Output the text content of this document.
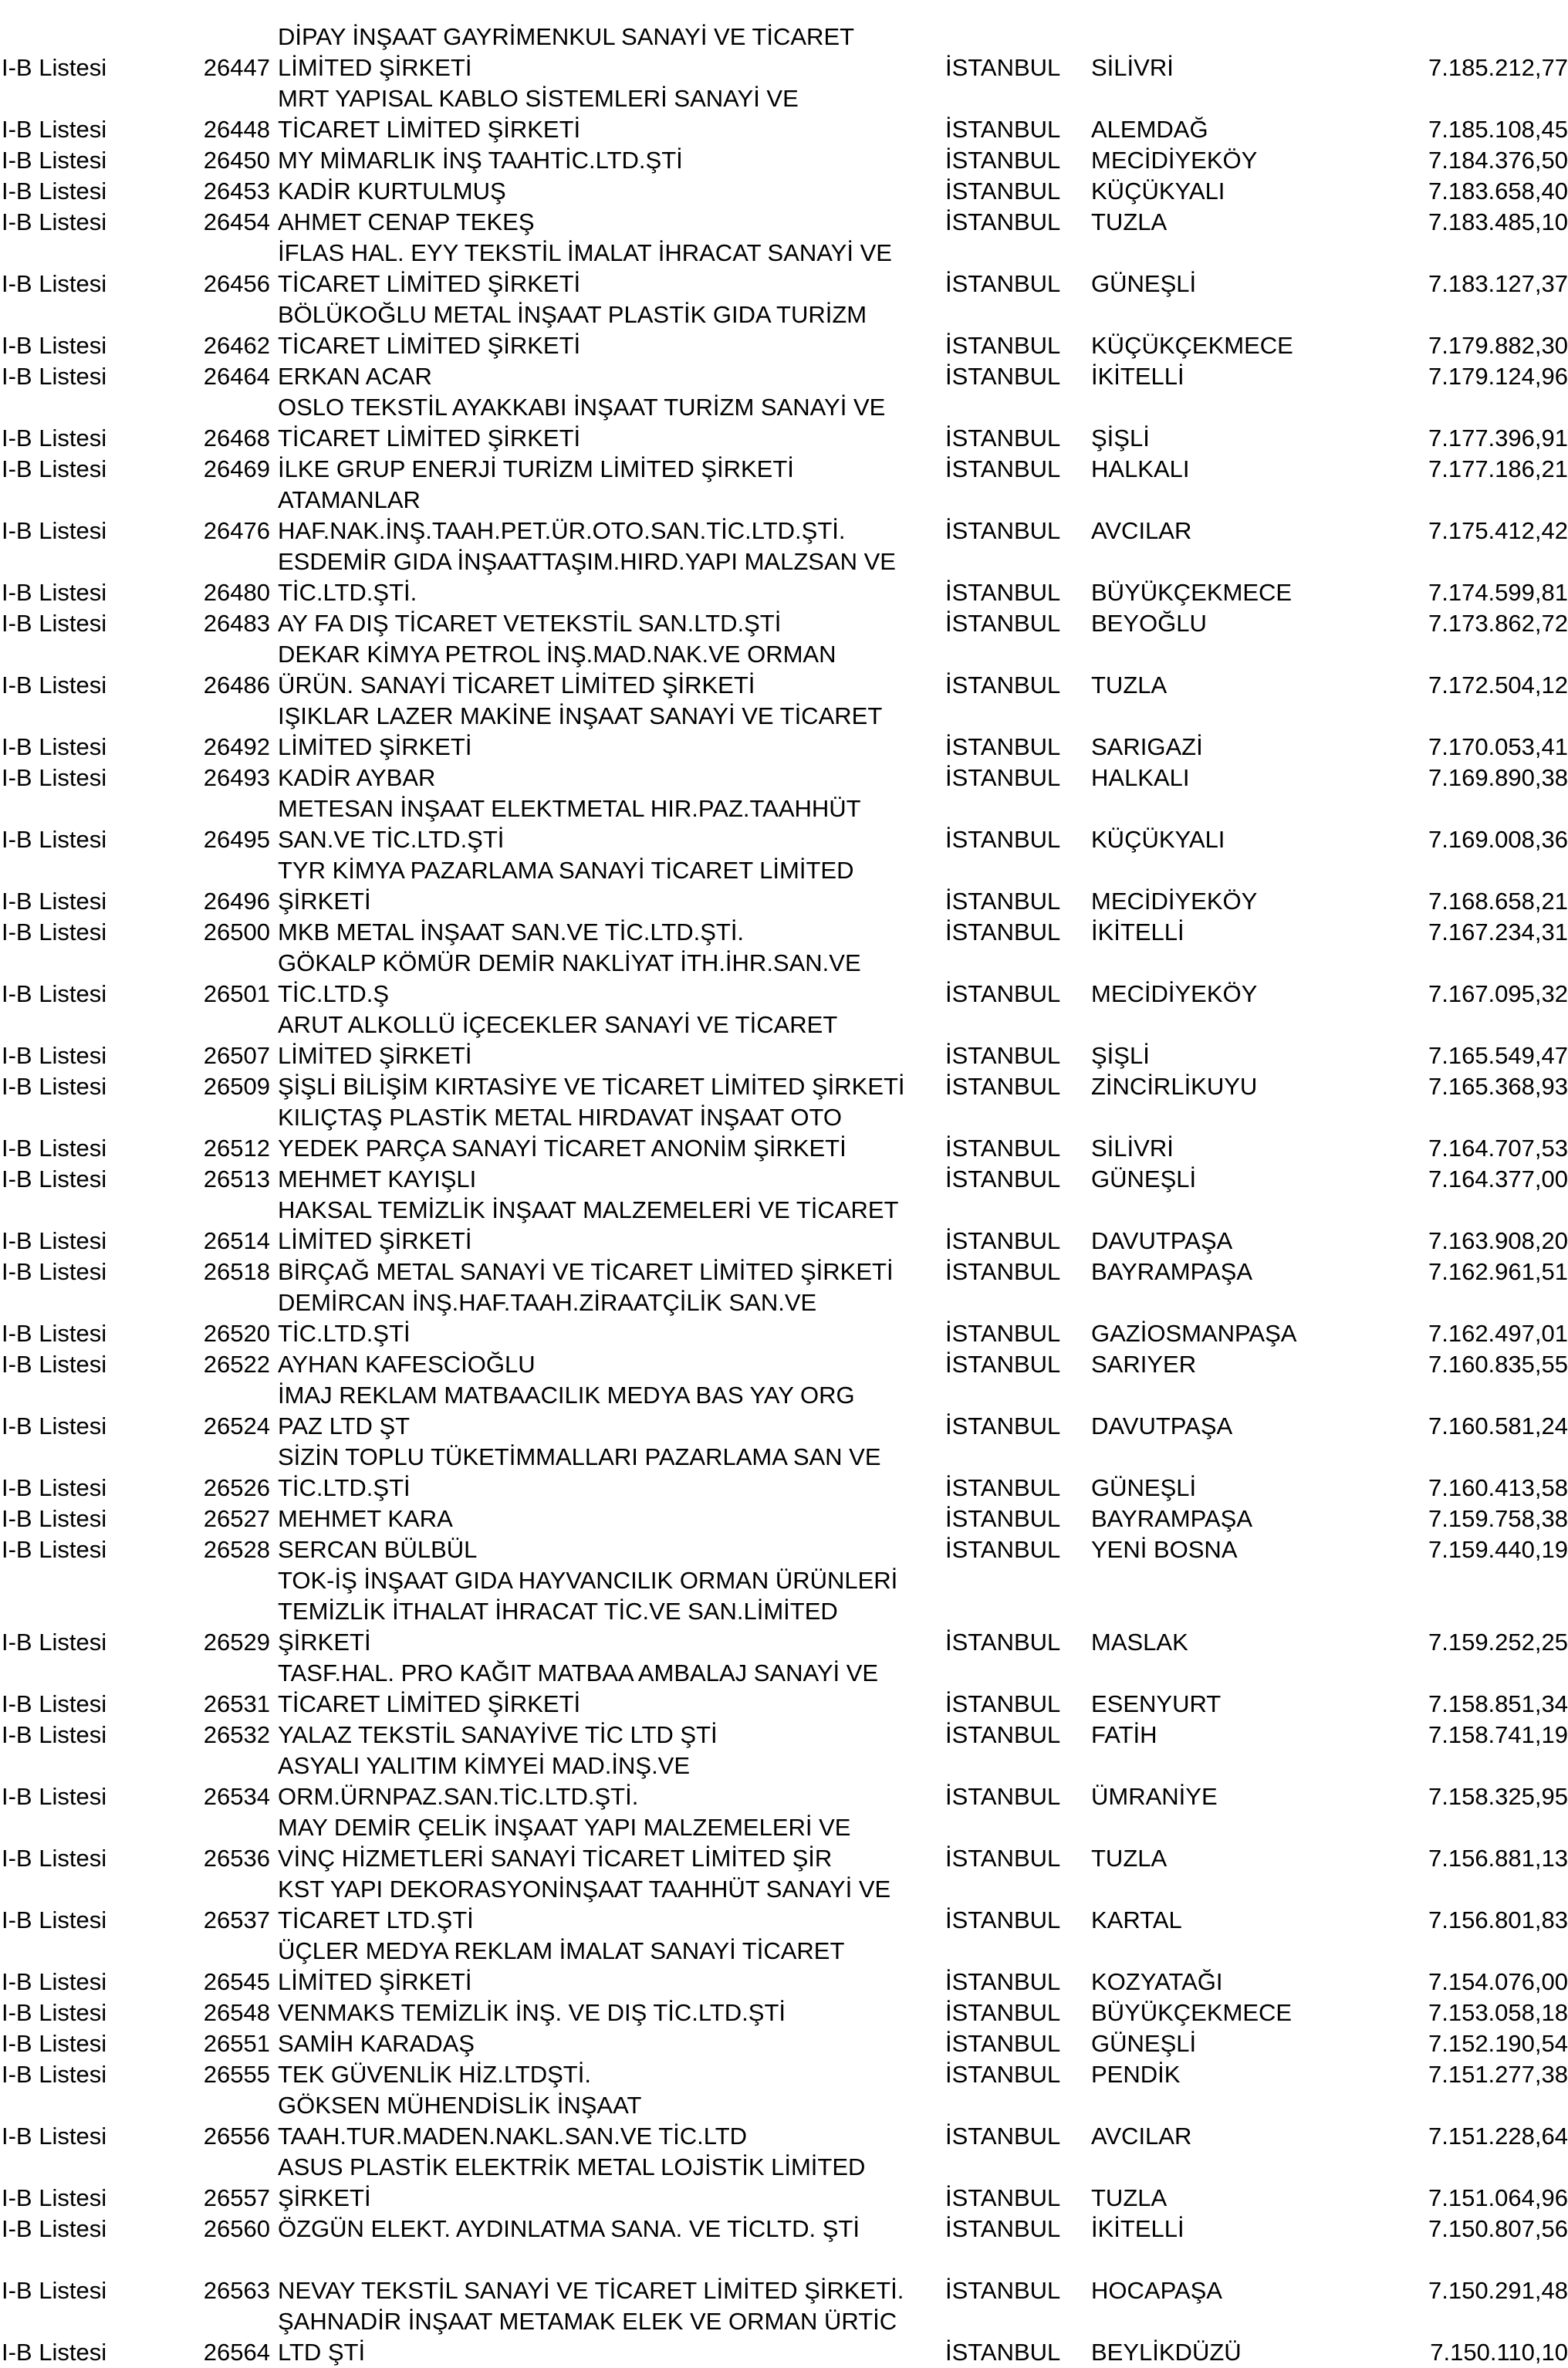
DİPAY İNŞAAT GAYRİMENKUL SANAYİ VE TİCARET
I-B Listesi	26447 LİMİTED ŞİRKETİ	İSTANBUL SİLİVRİ	7.185.212,77
MRT YAPISAL KABLO SİSTEMLERİ SANAYİ VE
I-B Listesi	26448 TİCARET LİMİTED ŞİRKETİ	İSTANBUL ALEMDAĞ	7.185.108,45
I-B Listesi	26450 MY MİMARLIK İNŞ TAAHTİC.LTD.ŞTİ	İSTANBUL MECİDİYEKÖY	7.184.376,50
I-B Listesi	26453 KADİR KURTULMUŞ	İSTANBUL KÜÇÜKYALI	7.183.658,40
I-B Listesi	26454 AHMET CENAP TEKEŞ	İSTANBUL TUZLA	7.183.485,10
İFLAS HAL. EYY TEKSTİL İMALAT İHRACAT SANAYİ VE
I-B Listesi	26456 TİCARET LİMİTED ŞİRKETİ	İSTANBUL GÜNEŞLİ	7.183.127,37
BÖLÜKOĞLU METAL İNŞAAT PLASTİK GIDA TURİZM
I-B Listesi	26462 TİCARET LİMİTED ŞİRKETİ	İSTANBUL KÜÇÜKÇEKMECE	7.179.882,30
I-B Listesi	26464 ERKAN ACAR	İSTANBUL İKİTELLİ	7.179.124,96
OSLO TEKSTİL AYAKKABI İNŞAAT TURİZM SANAYİ VE
I-B Listesi	26468 TİCARET LİMİTED ŞİRKETİ	İSTANBUL ŞİŞLİ	7.177.396,91
I-B Listesi	26469 İLKE GRUP ENERJİ TURİZM LİMİTED ŞİRKETİ	İSTANBUL HALKALI	7.177.186,21
ATAMANLAR
I-B Listesi	26476 HAF.NAK.İNŞ.TAAH.PET.ÜR.OTO.SAN.TİC.LTD.ŞTİ.	İSTANBUL AVCILAR	7.175.412,42
ESDEMİR GIDA İNŞAATTAŞIM.HIRD.YAPI MALZSAN VE
I-B Listesi	26480 TİC.LTD.ŞTİ.	İSTANBUL BÜYÜKÇEKMECE	7.174.599,81
I-B Listesi	26483 AY FA DIŞ TİCARET VETEKSTİL SAN.LTD.ŞTİ	İSTANBUL BEYOĞLU	7.173.862,72
DEKAR KİMYA PETROL İNŞ.MAD.NAK.VE ORMAN
I-B Listesi	26486 ÜRÜN. SANAYİ TİCARET LİMİTED ŞİRKETİ	İSTANBUL TUZLA	7.172.504,12
IŞIKLAR LAZER MAKİNE İNŞAAT SANAYİ VE TİCARET
I-B Listesi	26492 LİMİTED ŞİRKETİ	İSTANBUL SARIGAZİ	7.170.053,41
I-B Listesi	26493 KADİR AYBAR	İSTANBUL HALKALI	7.169.890,38
METESAN İNŞAAT ELEKTMETAL HIR.PAZ.TAAHHÜT
I-B Listesi	26495 SAN.VE TİC.LTD.ŞTİ	İSTANBUL KÜÇÜKYALI	7.169.008,36
TYR KİMYA PAZARLAMA SANAYİ TİCARET LİMİTED
I-B Listesi	26496 ŞİRKETİ	İSTANBUL MECİDİYEKÖY	7.168.658,21
I-B Listesi	26500 MKB METAL İNŞAAT SAN.VE TİC.LTD.ŞTİ.	İSTANBUL İKİTELLİ	7.167.234,31
GÖKALP KÖMÜR DEMİR NAKLİYAT İTH.İHR.SAN.VE
I-B Listesi	26501 TİC.LTD.Ş	İSTANBUL MECİDİYEKÖY	7.167.095,32
ARUT ALKOLLÜ İÇECEKLER SANAYİ VE TİCARET
I-B Listesi	26507 LİMİTED ŞİRKETİ	İSTANBUL ŞİŞLİ	7.165.549,47
I-B Listesi	26509 ŞİŞLİ BİLİŞİM KIRTASİYE VE TİCARET LİMİTED ŞİRKETİ İSTANBUL ZİNCİRLİKUYU	7.165.368,93
KILIÇTAŞ PLASTİK METAL HIRDAVAT İNŞAAT OTO
I-B Listesi	26512 YEDEK PARÇA SANAYİ TİCARET ANONİM ŞİRKETİ	İSTANBUL SİLİVRİ	7.164.707,53
I-B Listesi	26513 MEHMET KAYIŞLI	İSTANBUL GÜNEŞLİ	7.164.377,00
HAKSAL TEMİZLİK İNŞAAT MALZEMELERİ VE TİCARET
I-B Listesi	26514 LİMİTED ŞİRKETİ	İSTANBUL DAVUTPAŞA	7.163.908,20
I-B Listesi	26518 BİRÇAĞ METAL SANAYİ VE TİCARET LİMİTED ŞİRKETİ İSTANBUL BAYRAMPAŞA	7.162.961,51
DEMİRCAN İNŞ.HAF.TAAH.ZİRAATÇİLİK SAN.VE
I-B Listesi	26520 TİC.LTD.ŞTİ	İSTANBUL GAZİOSMANPAŞA	7.162.497,01
I-B Listesi	26522 AYHAN KAFESCİOĞLU	İSTANBUL SARIYER	7.160.835,55
İMAJ REKLAM MATBAACILIK MEDYA BAS YAY ORG
I-B Listesi	26524 PAZ LTD ŞT	İSTANBUL DAVUTPAŞA	7.160.581,24
SİZİN TOPLU TÜKETİMMALLARI PAZARLAMA SAN VE
I-B Listesi	26526 TİC.LTD.ŞTİ	İSTANBUL GÜNEŞLİ	7.160.413,58
I-B Listesi	26527 MEHMET KARA	İSTANBUL BAYRAMPAŞA	7.159.758,38
I-B Listesi	26528 SERCAN BÜLBÜL	İSTANBUL YENİ BOSNA	7.159.440,19
TOK-İŞ İNŞAAT GIDA HAYVANCILIK ORMAN ÜRÜNLERİ
TEMİZLİK İTHALAT İHRACAT TİC.VE SAN.LİMİTED
I-B Listesi	26529 ŞİRKETİ	İSTANBUL MASLAK	7.159.252,25
TASF.HAL. PRO KAĞIT MATBAA AMBALAJ SANAYİ VE
I-B Listesi	26531 TİCARET LİMİTED ŞİRKETİ	İSTANBUL ESENYURT	7.158.851,34
I-B Listesi	26532 YALAZ TEKSTİL SANAYİVE TİC LTD ŞTİ	İSTANBUL FATİH	7.158.741,19
ASYALI YALITIM KİMYEİ MAD.İNŞ.VE
I-B Listesi	26534 ORM.ÜRNPAZ.SAN.TİC.LTD.ŞTİ.	İSTANBUL ÜMRANİYE	7.158.325,95
MAY DEMİR ÇELİK İNŞAAT YAPI MALZEMELERİ VE
I-B Listesi	26536 VİNÇ HİZMETLERİ SANAYİ TİCARET LİMİTED ŞİR	İSTANBUL TUZLA	7.156.881,13
KST YAPI DEKORASYONİNŞAAT TAAHHÜT SANAYİ VE
I-B Listesi	26537 TİCARET LTD.ŞTİ	İSTANBUL KARTAL	7.156.801,83
ÜÇLER MEDYA REKLAM İMALAT SANAYİ TİCARET
I-B Listesi	26545 LİMİTED ŞİRKETİ	İSTANBUL KOZYATAĞI	7.154.076,00
I-B Listesi	26548 VENMAKS TEMİZLİK İNŞ. VE DIŞ TİC.LTD.ŞTİ	İSTANBUL BÜYÜKÇEKMECE	7.153.058,18
I-B Listesi	26551 SAMİH KARADAŞ	İSTANBUL GÜNEŞLİ	7.152.190,54
I-B Listesi	26555 TEK GÜVENLİK HİZ.LTDŞTİ.	İSTANBUL PENDİK	7.151.277,38
GÖKSEN MÜHENDİSLİK İNŞAAT
I-B Listesi	26556 TAAH.TUR.MADEN.NAKL.SAN.VE TİC.LTD	İSTANBUL AVCILAR	7.151.228,64
ASUS PLASTİK ELEKTRİK METAL LOJİSTİK LİMİTED
I-B Listesi	26557 ŞİRKETİ	İSTANBUL TUZLA	7.151.064,96
I-B Listesi	26560 ÖZGÜN ELEKT. AYDINLATMA SANA. VE TİCLTD. ŞTİ	İSTANBUL İKİTELLİ	7.150.807,56
I-B Listesi	26563 NEVAY TEKSTİL SANAYİ VE TİCARET LİMİTED ŞİRKETİ. İSTANBUL HOCAPAŞA	7.150.291,48
ŞAHNADİR İNŞAAT METAMAK ELEK VE ORMAN ÜRTİC
I-B Listesi	26564 LTD ŞTİ	İSTANBUL BEYLİKDÜZÜ	7.150.110,10
